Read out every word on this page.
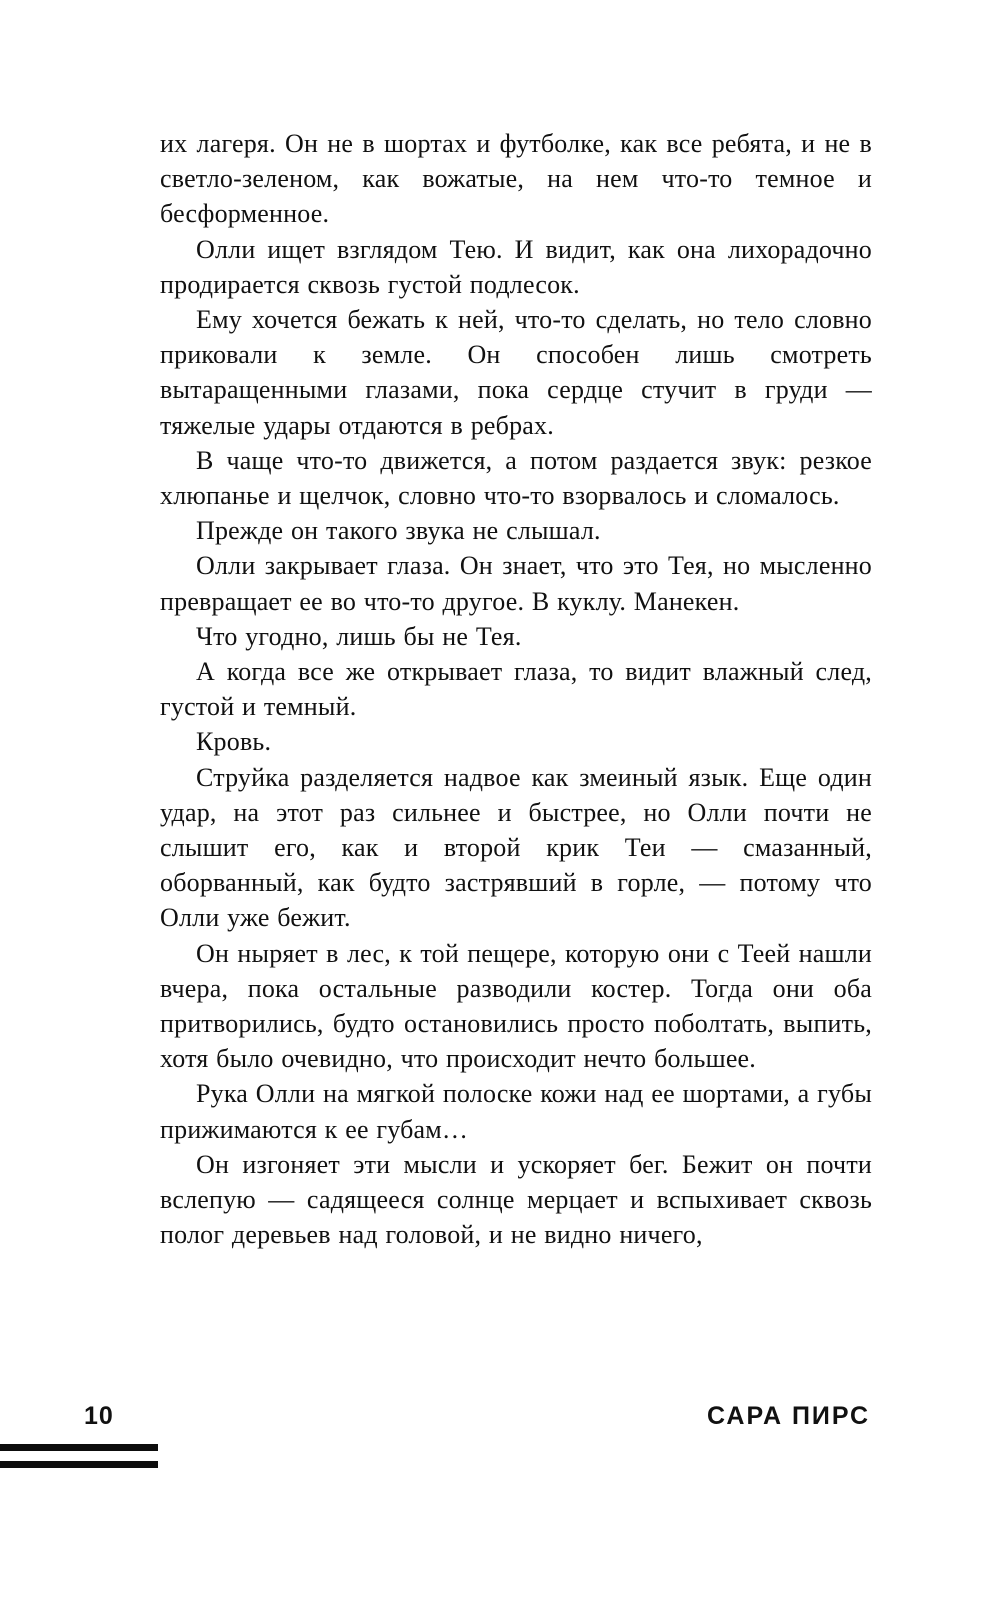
их лагеря. Он не в шортах и футболке, как все ребята, и не в светло-зеленом, как вожатые, на нем что-то темное и бесформенное.

Олли ищет взглядом Тею. И видит, как она лихорадочно продирается сквозь густой подлесок.

Ему хочется бежать к ней, что-то сделать, но тело словно приковали к земле. Он способен лишь смотреть вытаращенными глазами, пока сердце стучит в груди — тяжелые удары отдаются в ребрах.

В чаще что-то движется, а потом раздается звук: резкое хлюпанье и щелчок, словно что-то взорвалось и сломалось.

Прежде он такого звука не слышал.

Олли закрывает глаза. Он знает, что это Тея, но мысленно превращает ее во что-то другое. В куклу. Манекен.

Что угодно, лишь бы не Тея.

А когда все же открывает глаза, то видит влажный след, густой и темный.

Кровь.

Струйка разделяется надвое как змеиный язык. Еще один удар, на этот раз сильнее и быстрее, но Олли почти не слышит его, как и второй крик Теи — смазанный, оборванный, как будто застрявший в горле, — потому что Олли уже бежит.

Он ныряет в лес, к той пещере, которую они с Теей нашли вчера, пока остальные разводили костер. Тогда они оба притворились, будто остановились просто поболтать, выпить, хотя было очевидно, что происходит нечто большее.

Рука Олли на мягкой полоске кожи над ее шортами, а губы прижимаются к ее губам…

Он изгоняет эти мысли и ускоряет бег. Бежит он почти вслепую — садящееся солнце мерцает и вспыхивает сквозь полог деревьев над головой, и не видно ничего,

10	САРА ПИРС
